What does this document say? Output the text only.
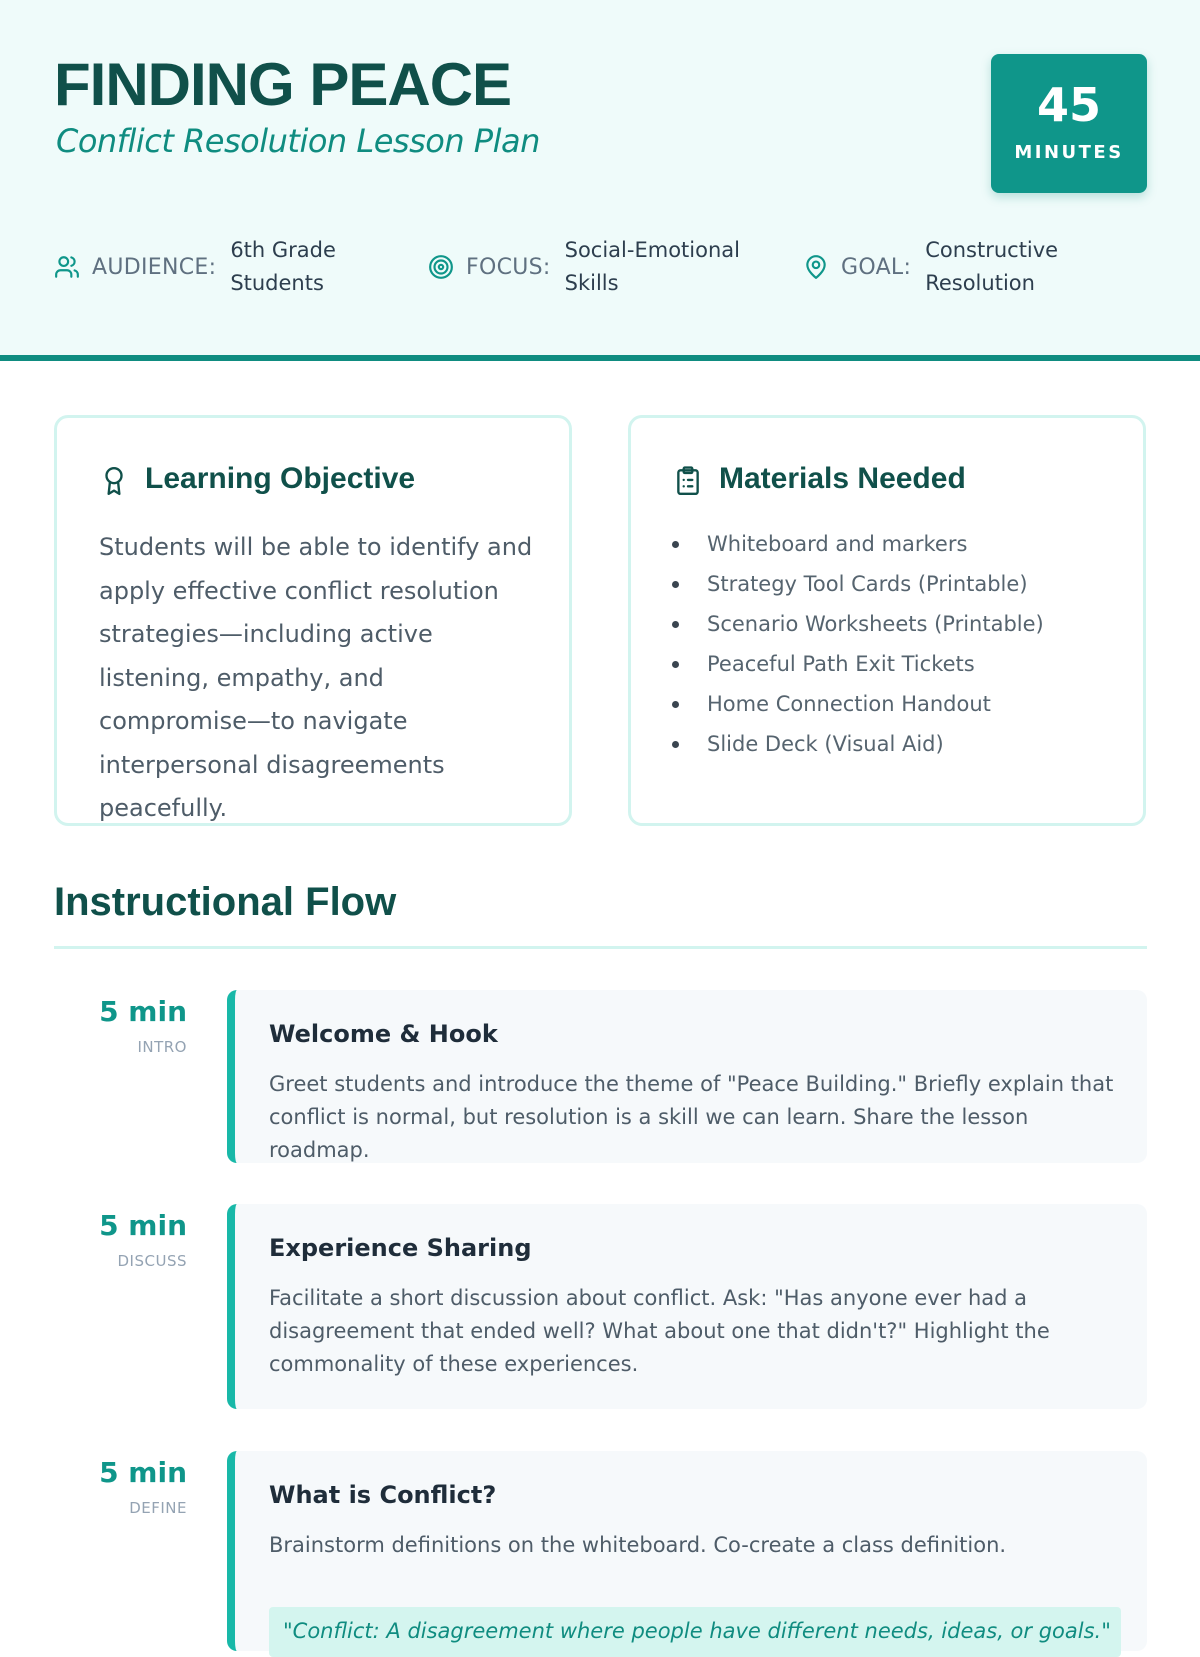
FINDING PEACE
Conflict Resolution Lesson Plan
45
MINUTES
AUDIENCE:
6th Grade Students
FOCUS:
Social-Emotional Skills
GOAL:
Constructive Resolution
Learning Objective
Students will be able to identify and apply effective conflict resolution strategies—including active listening, empathy, and compromise—to navigate interpersonal disagreements peacefully.
Materials Needed
Whiteboard and markers
Strategy Tool Cards (Printable)
Scenario Worksheets (Printable)
Peaceful Path Exit Tickets
Home Connection Handout
Slide Deck (Visual Aid)
Instructional Flow
5 min
INTRO	Welcome & Hook

Greet students and introduce the theme of "Peace Building." Briefly explain that conflict is normal, but resolution is a skill we can learn. Share the lesson roadmap.

5 min
DISCUSS	Experience Sharing

Facilitate a short discussion about conflict. Ask: "Has anyone ever had a disagreement that ended well? What about one that didn't?" Highlight the commonality of these experiences.

5 min
DEFINE	What is Conflict?

Brainstorm definitions on the whiteboard. Co-create a class definition.

"Conflict: A disagreement where people have different needs, ideas, or goals."
